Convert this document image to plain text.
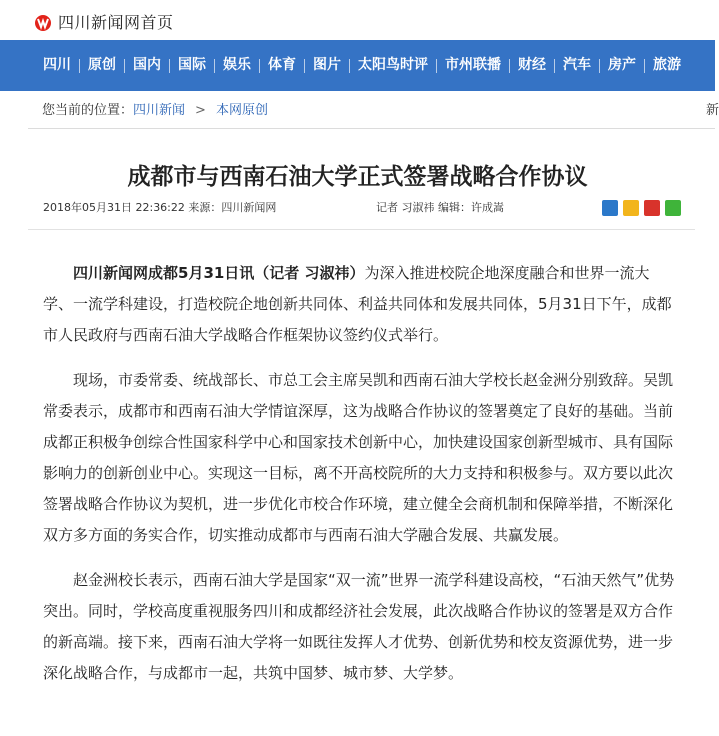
四川新闻网首页
四川	原创	国内	国际	娱乐	体育	图片	太阳鸟时评	市州联播	财经	汽车	房产	旅游
您当前的位置：四川新闻 > 本网原创	新
成都市与西南石油大学正式签署战略合作协议
2018年05月31日 22:36:22 来源：四川新闻网	记者 习淑祎 编辑：许成嵩

四川新闻网成都5月31日讯（记者 习淑祎）为深入推进校院企地深度融合和世界一流大学、一流学科建设，打造校院企地创新共同体、利益共同体和发展共同体，5月31日下午，成都市人民政府与西南石油大学战略合作框架协议签约仪式举行。

现场，市委常委、统战部长、市总工会主席吴凯和西南石油大学校长赵金洲分别致辞。吴凯常委表示，成都市和西南石油大学情谊深厚，这为战略合作协议的签署奠定了良好的基础。当前成都正积极争创综合性国家科学中心和国家技术创新中心，加快建设国家创新型城市、具有国际影响力的创新创业中心。实现这一目标，离不开高校院所的大力支持和积极参与。双方要以此次签署战略合作协议为契机，进一步优化市校合作环境，建立健全会商机制和保障举措，不断深化双方多方面的务实合作，切实推动成都市与西南石油大学融合发展、共赢发展。

赵金洲校长表示，西南石油大学是国家“双一流”世界一流学科建设高校，“石油天然气”优势突出。同时，学校高度重视服务四川和成都经济社会发展，此次战略合作协议的签署是双方合作的新高端。接下来，西南石油大学将一如既往发挥人才优势、创新优势和校友资源优势，进一步深化战略合作，与成都市一起，共筑中国梦、城市梦、大学梦。
